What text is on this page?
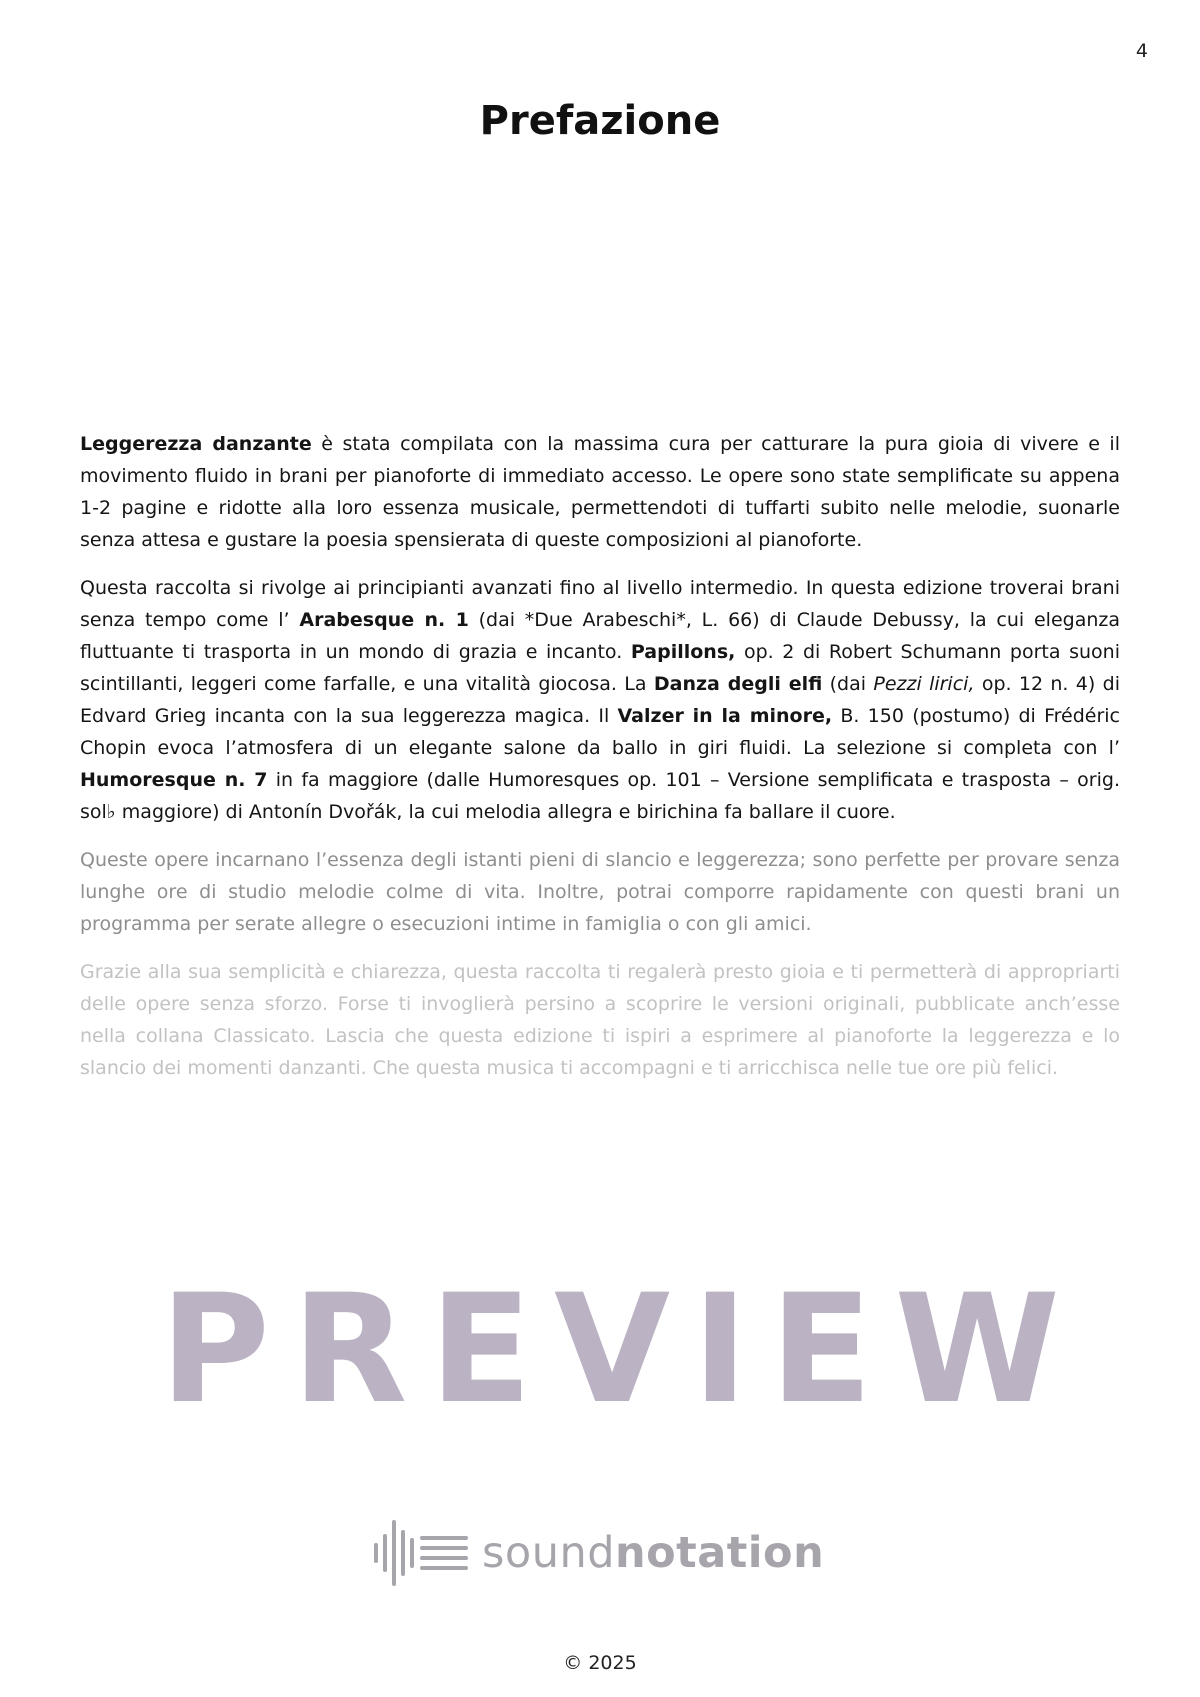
4
Prefazione

Leggerezza danzante è stata compilata con la massima cura per catturare la pura gioia di vivere e il movimento fluido in brani per pianoforte di immediato accesso. Le opere sono state semplificate su appena 1-2 pagine e ridotte alla loro essenza musicale, permettendoti di tuffarti subito nelle melodie, suonarle senza attesa e gustare la poesia spensierata di queste composizioni al pianoforte.

Questa raccolta si rivolge ai principianti avanzati fino al livello intermedio. In questa edizione troverai brani senza tempo come l’ Arabesque n. 1 (dai *Due Arabeschi*, L. 66) di Claude Debussy, la cui eleganza fluttuante ti trasporta in un mondo di grazia e incanto. Papillons, op. 2 di Robert Schumann porta suoni scintillanti, leggeri come farfalle, e una vitalità giocosa. La Danza degli elfi (dai Pezzi lirici, op. 12 n. 4) di Edvard Grieg incanta con la sua leggerezza magica. Il Valzer in la minore, B. 150 (postumo) di Frédéric Chopin evoca l’atmosfera di un elegante salone da ballo in giri fluidi. La selezione si completa con l’ Humoresque n. 7 in fa maggiore (dalle Humoresques op. 101 – Versione semplificata e trasposta – orig. sol♭ maggiore) di Antonín Dvořák, la cui melodia allegra e birichina fa ballare il cuore.

Queste opere incarnano l’essenza degli istanti pieni di slancio e leggerezza; sono perfette per provare senza lunghe ore di studio melodie colme di vita. Inoltre, potrai comporre rapidamente con questi brani un programma per serate allegre o esecuzioni intime in famiglia o con gli amici.

Grazie alla sua semplicità e chiarezza, questa raccolta ti regalerà presto gioia e ti permetterà di appropriarti delle opere senza sforzo. Forse ti invoglierà persino a scoprire le versioni originali, pubblicate anch’esse nella collana Classicato. Lascia che questa edizione ti ispiri a esprimere al pianoforte la leggerezza e lo slancio dei momenti danzanti. Che questa musica ti accompagni e ti arricchisca nelle tue ore più felici.

P R E V I E W
soundnotation
© 2025
